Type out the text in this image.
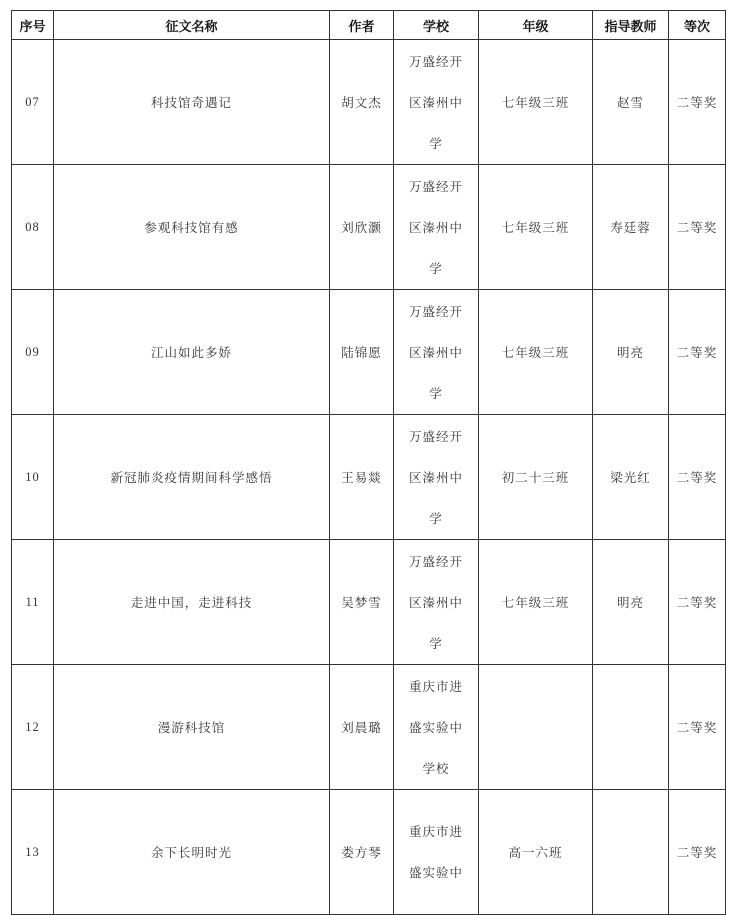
序号	征文名称	作者	学校	年级	指导教师	等次
07	科技馆奇遇记	胡文杰	万盛经开
区溱州中
学	七年级三班	赵雪	二等奖
08	参观科技馆有感	刘欣灏	万盛经开
区溱州中
学	七年级三班	寿廷蓉	二等奖
09	江山如此多娇	陆锦愿	万盛经开
区溱州中
学	七年级三班	明亮	二等奖
10	新冠肺炎疫情期间科学感悟	王易燚	万盛经开
区溱州中
学	初二十三班	梁光红	二等奖
11	走进中国，走进科技	吴梦雪	万盛经开
区溱州中
学	七年级三班	明亮	二等奖
12	漫游科技馆	刘晨璐	重庆市进
盛实验中
学校			二等奖
13	余下长明时光	娄方琴	重庆市进
盛实验中	高一六班		二等奖
